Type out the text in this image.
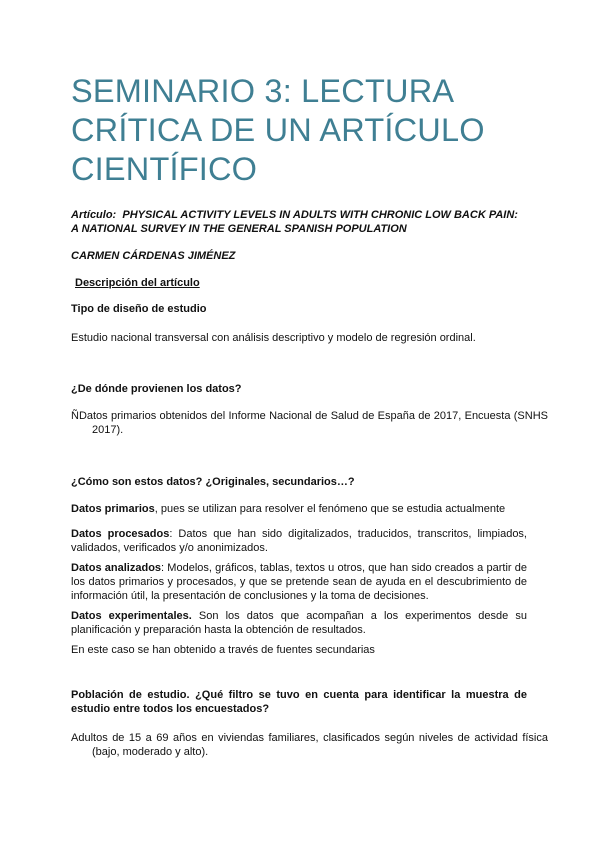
SEMINARIO 3: LECTURA
CRÍTICA DE UN ARTÍCULO
CIENTÍFICO

Artículo: PHYSICAL ACTIVITY LEVELS IN ADULTS WITH CHRONIC LOW BACK PAIN:
A NATIONAL SURVEY IN THE GENERAL SPANISH POPULATION

CARMEN CÁRDENAS JIMÉNEZ

Descripción del artículo

Tipo de diseño de estudio

Estudio nacional transversal con análisis descriptivo y modelo de regresión ordinal.

¿De dónde provienen los datos?

ÑDatos primarios obtenidos del Informe Nacional de Salud de España de 2017, Encuesta (SNHS 2017).

¿Cómo son estos datos? ¿Originales, secundarios…?

Datos primarios, pues se utilizan para resolver el fenómeno que se estudia actualmente

Datos procesados: Datos que han sido digitalizados, traducidos, transcritos, limpiados, validados, verificados y/o anonimizados.

Datos analizados: Modelos, gráficos, tablas, textos u otros, que han sido creados a partir de los datos primarios y procesados, y que se pretende sean de ayuda en el descubrimiento de información útil, la presentación de conclusiones y la toma de decisiones.

Datos experimentales. Son los datos que acompañan a los experimentos desde su planificación y preparación hasta la obtención de resultados.

En este caso se han obtenido a través de fuentes secundarias

Población de estudio. ¿Qué filtro se tuvo en cuenta para identificar la muestra de estudio entre todos los encuestados?

Adultos de 15 a 69 años en viviendas familiares, clasificados según niveles de actividad física (bajo, moderado y alto).
